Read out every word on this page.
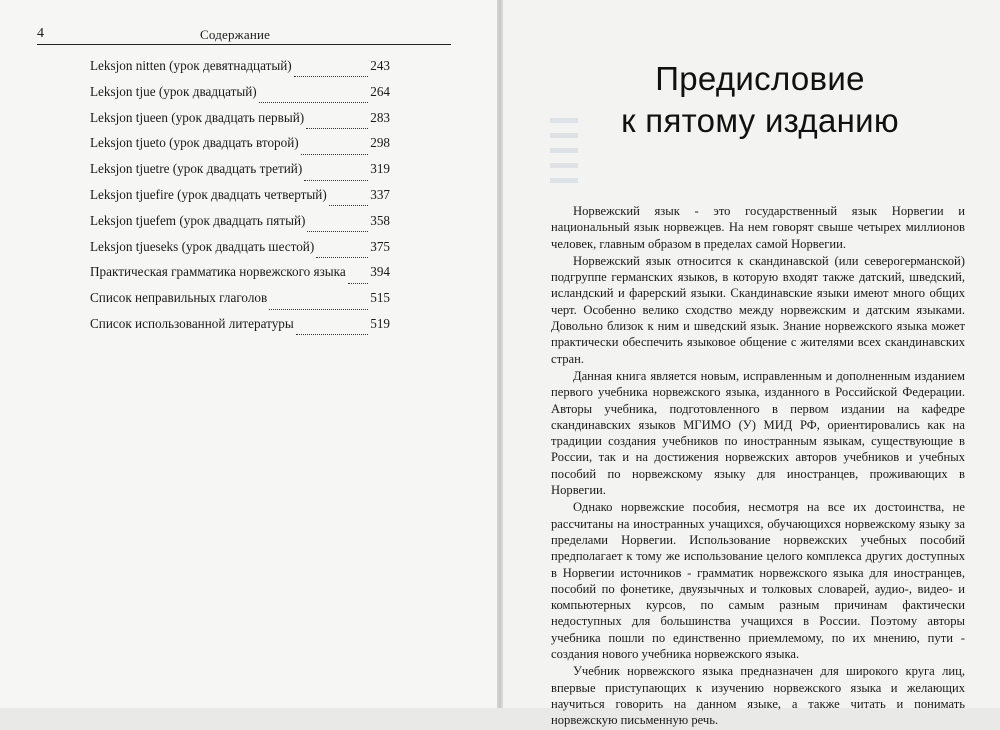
4	Содержание
Leksjon nitten (урок девятнадцатый)	243
Leksjon tjue (урок двадцатый)	264
Leksjon tjueen (урок двадцать первый)	283
Leksjon tjueto (урок двадцать второй)	298
Leksjon tjuetre (урок двадцать третий)	319
Leksjon tjuefire (урок двадцать четвертый)	337
Leksjon tjuefem (урок двадцать пятый)	358
Leksjon tjueseks (урок двадцать шестой)	375
Практическая грамматика норвежского языка 394
Список неправильных глаголов	515
Список использованной литературы	519
Предисловие
к пятому изданию

Норвежский язык - это государственный язык Норвегии и национальный язык норвежцев. На нем говорят свыше четырех миллионов человек, главным образом в пределах самой Норвегии.

Норвежский язык относится к скандинавской (или северогерманской) подгруппе германских языков, в которую входят также датский, шведский, исландский и фарерский языки. Скандинавские языки имеют много общих черт. Особенно велико сходство между норвежским и датским языками. Довольно близок к ним и шведский язык. Знание норвежского языка может практически обеспечить языковое общение с жителями всех скандинавских стран.

Данная книга является новым, исправленным и дополненным изданием первого учебника норвежского языка, изданного в Российской Федерации. Авторы учебника, подготовленного в первом издании на кафедре скандинавских языков МГИМО (У) МИД РФ, ориентировались как на традиции создания учебников по иностранным языкам, существующие в России, так и на достижения норвежских авторов учебников и учебных пособий по норвежскому языку для иностранцев, проживающих в Норвегии.

Однако норвежские пособия, несмотря на все их достоинства, не рассчитаны на иностранных учащихся, обучающихся норвежскому языку за пределами Норвегии. Использование норвежских учебных пособий предполагает к тому же использование целого комплекса других доступных в Норвегии источников - грамматик норвежского языка для иностранцев, пособий по фонетике, двуязычных и толковых словарей, аудио-, видео- и компьютерных курсов, по самым разным причинам фактически недоступных для большинства учащихся в России. Поэтому авторы учебника пошли по единственно приемлемому, по их мнению, пути - создания нового учебника норвежского языка.

Учебник норвежского языка предназначен для широкого круга лиц, впервые приступающих к изучению норвежского языка и желающих научиться говорить на данном языке, а также читать и понимать норвежскую письменную речь.
